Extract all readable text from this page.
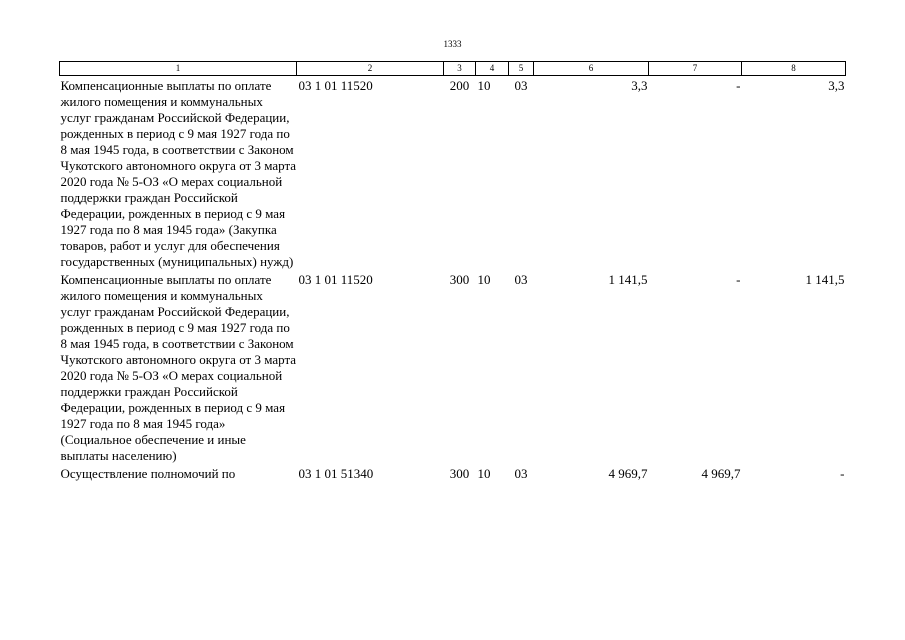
1333
1	2	3	4	5	6	7	8
Компенсационные выплаты по оплате жилого помещения и коммунальных услуг гражданам Российской Федерации, рожденных в период с 9 мая 1927 года по 8 мая 1945 года, в соответствии с Законом Чукотского автономного округа от 3 марта 2020 года № 5-ОЗ «О мерах социальной поддержки граждан Российской Федерации, рожденных в период с 9 мая 1927 года по 8 мая 1945 года» (Закупка товаров, работ и услуг для обеспечения государственных (муниципальных) нужд)	03 1 01 11520	200	10	03	3,3	-	3,3
Компенсационные выплаты по оплате жилого помещения и коммунальных услуг гражданам Российской Федерации, рожденных в период с 9 мая 1927 года по 8 мая 1945 года, в соответствии с Законом Чукотского автономного округа от 3 марта 2020 года № 5-ОЗ «О мерах социальной поддержки граждан Российской Федерации, рожденных в период с 9 мая 1927 года по 8 мая 1945 года» (Социальное обеспечение и иные выплаты населению)	03 1 01 11520	300	10	03	1 141,5	-	1 141,5
Осуществление полномочий по	03 1 01 51340	300	10	03	4 969,7	4 969,7	-
